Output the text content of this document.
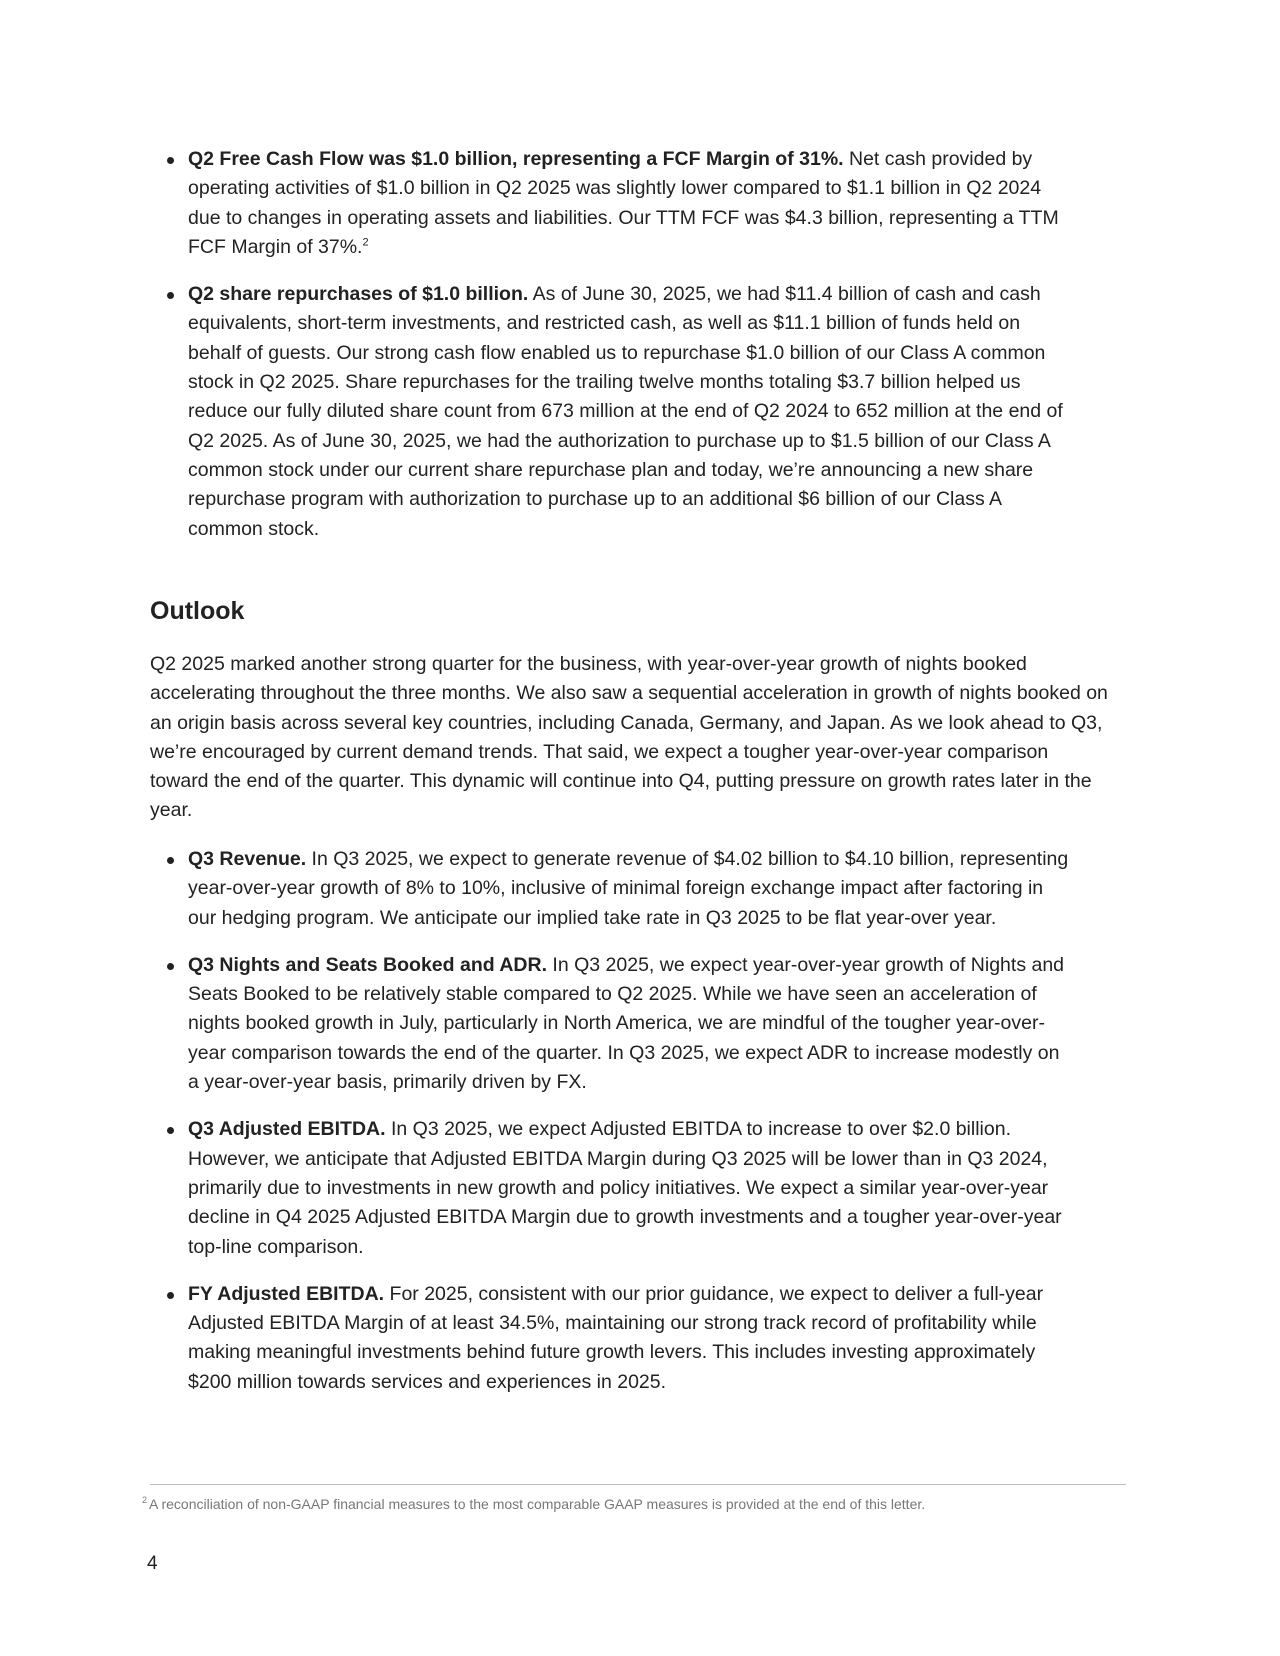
Q2 Free Cash Flow was $1.0 billion, representing a FCF Margin of 31%. Net cash provided by operating activities of $1.0 billion in Q2 2025 was slightly lower compared to $1.1 billion in Q2 2024 due to changes in operating assets and liabilities. Our TTM FCF was $4.3 billion, representing a TTM FCF Margin of 37%.$^2$
Q2 share repurchases of $1.0 billion. As of June 30, 2025, we had $11.4 billion of cash and cash equivalents, short-term investments, and restricted cash, as well as $11.1 billion of funds held on behalf of guests. Our strong cash flow enabled us to repurchase $1.0 billion of our Class A common stock in Q2 2025. Share repurchases for the trailing twelve months totaling $3.7 billion helped us reduce our fully diluted share count from 673 million at the end of Q2 2024 to 652 million at the end of Q2 2025. As of June 30, 2025, we had the authorization to purchase up to $1.5 billion of our Class A common stock under our current share repurchase plan and today, we’re announcing a new share repurchase program with authorization to purchase up to an additional $6 billion of our Class A common stock.
Outlook

Q2 2025 marked another strong quarter for the business, with year-over-year growth of nights booked accelerating throughout the three months. We also saw a sequential acceleration in growth of nights booked on an origin basis across several key countries, including Canada, Germany, and Japan. As we look ahead to Q3, we’re encouraged by current demand trends. That said, we expect a tougher year-over-year comparison toward the end of the quarter. This dynamic will continue into Q4, putting pressure on growth rates later in the year.

Q3 Revenue. In Q3 2025, we expect to generate revenue of $4.02 billion to $4.10 billion, representing year-over-year growth of 8% to 10%, inclusive of minimal foreign exchange impact after factoring in our hedging program. We anticipate our implied take rate in Q3 2025 to be flat year-over year.
Q3 Nights and Seats Booked and ADR. In Q3 2025, we expect year-over-year growth of Nights and Seats Booked to be relatively stable compared to Q2 2025. While we have seen an acceleration of nights booked growth in July, particularly in North America, we are mindful of the tougher year-over-year comparison towards the end of the quarter. In Q3 2025, we expect ADR to increase modestly on a year-over-year basis, primarily driven by FX.
Q3 Adjusted EBITDA. In Q3 2025, we expect Adjusted EBITDA to increase to over $2.0 billion. However, we anticipate that Adjusted EBITDA Margin during Q3 2025 will be lower than in Q3 2024, primarily due to investments in new growth and policy initiatives. We expect a similar year-over-year decline in Q4 2025 Adjusted EBITDA Margin due to growth investments and a tougher year-over-year top-line comparison.
FY Adjusted EBITDA. For 2025, consistent with our prior guidance, we expect to deliver a full-year Adjusted EBITDA Margin of at least 34.5%, maintaining our strong track record of profitability while making meaningful investments behind future growth levers. This includes investing approximately $200 million towards services and experiences in 2025.

$^2$ A reconciliation of non-GAAP financial measures to the most comparable GAAP measures is provided at the end of this letter.

4
